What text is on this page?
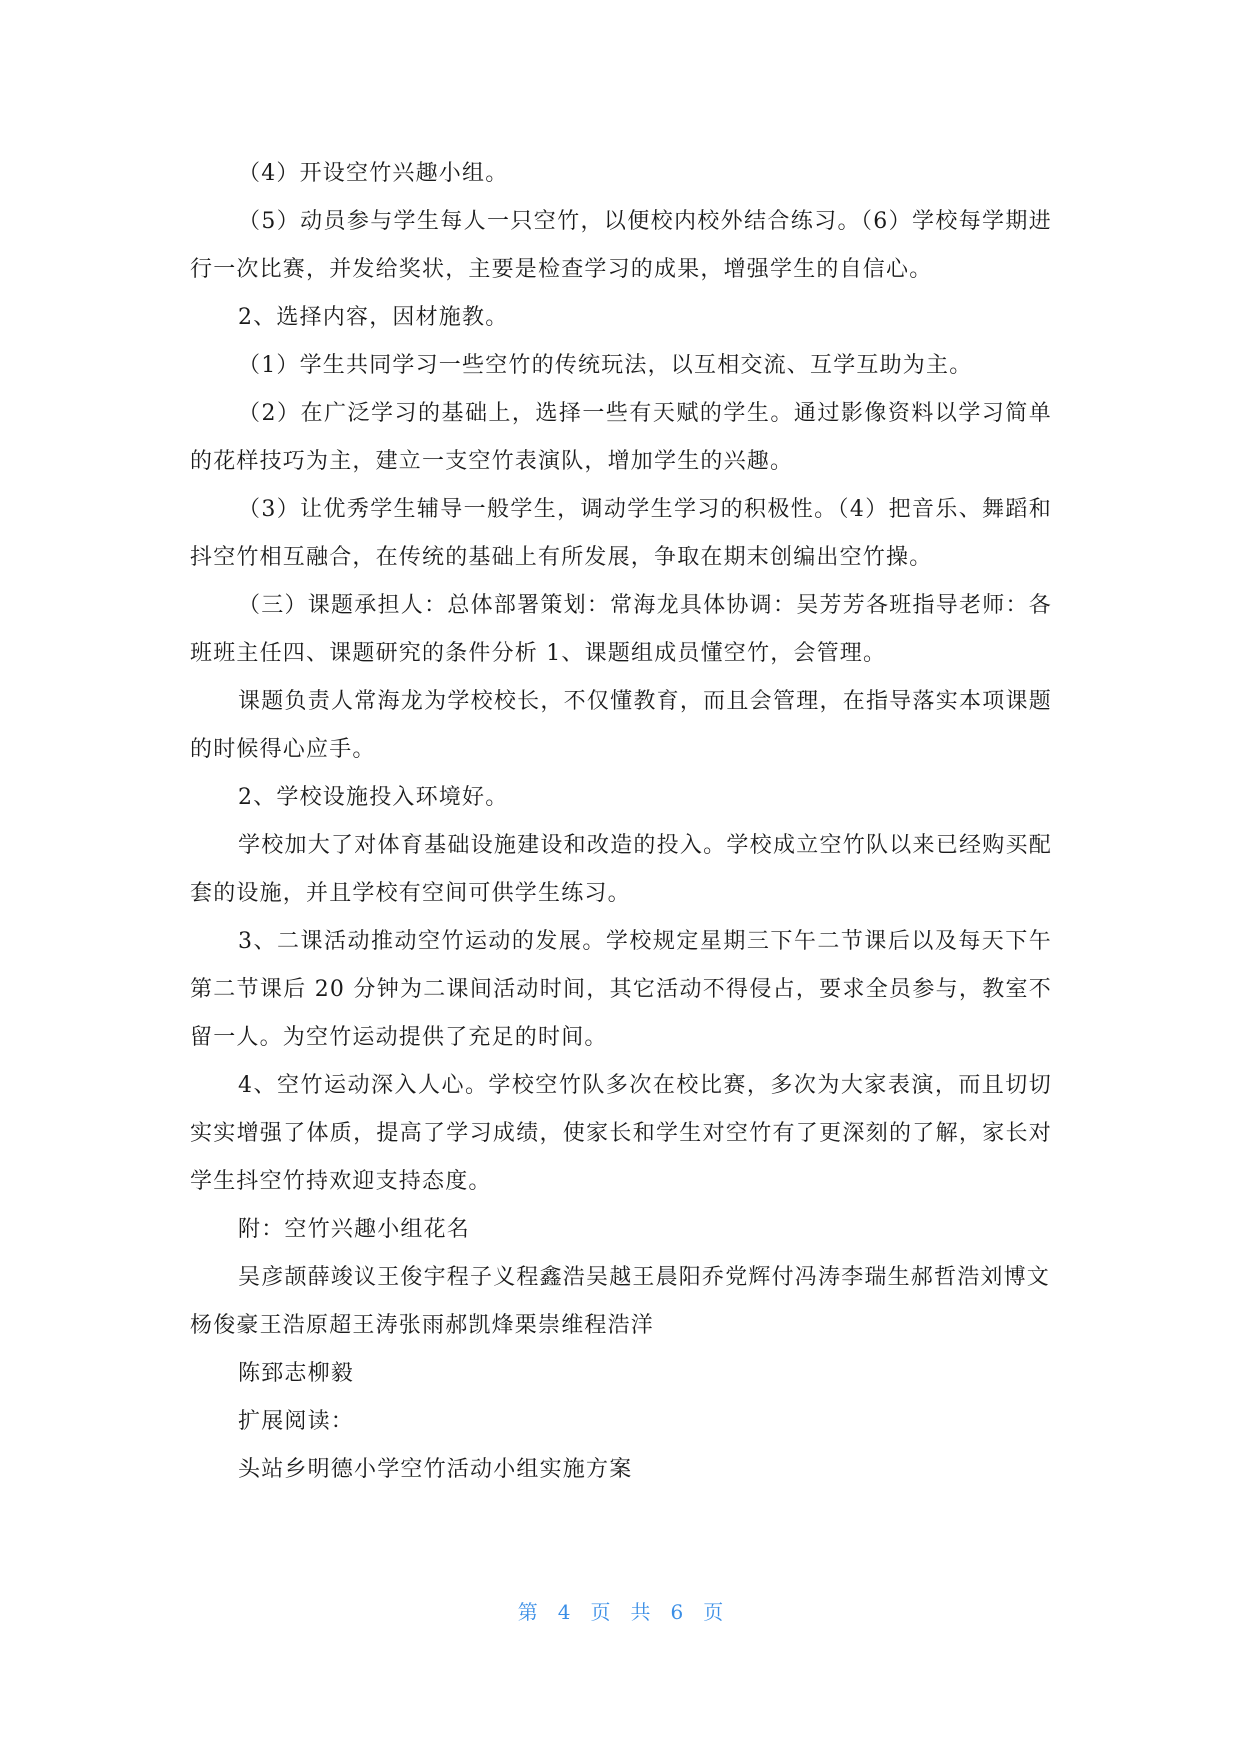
（4）开设空竹兴趣小组。

（5）动员参与学生每人一只空竹，以便校内校外结合练习。（6）学校每学期进行一次比赛，并发给奖状，主要是检查学习的成果，增强学生的自信心。

2、选择内容，因材施教。

（1）学生共同学习一些空竹的传统玩法，以互相交流、互学互助为主。

（2）在广泛学习的基础上，选择一些有天赋的学生。通过影像资料以学习简单的花样技巧为主，建立一支空竹表演队，增加学生的兴趣。

（3）让优秀学生辅导一般学生，调动学生学习的积极性。（4）把音乐、舞蹈和抖空竹相互融合，在传统的基础上有所发展，争取在期末创编出空竹操。

（三）课题承担人：总体部署策划：常海龙具体协调：吴芳芳各班指导老师：各班班主任四、课题研究的条件分析 1、课题组成员懂空竹，会管理。

课题负责人常海龙为学校校长，不仅懂教育，而且会管理，在指导落实本项课题的时候得心应手。

2、学校设施投入环境好。

学校加大了对体育基础设施建设和改造的投入。学校成立空竹队以来已经购买配套的设施，并且学校有空间可供学生练习。

3、二课活动推动空竹运动的发展。学校规定星期三下午二节课后以及每天下午第二节课后 20 分钟为二课间活动时间，其它活动不得侵占，要求全员参与，教室不留一人。为空竹运动提供了充足的时间。

4、空竹运动深入人心。学校空竹队多次在校比赛，多次为大家表演，而且切切实实增强了体质，提高了学习成绩，使家长和学生对空竹有了更深刻的了解，家长对学生抖空竹持欢迎支持态度。

附：空竹兴趣小组花名

吴彦颉薛竣议王俊宇程子义程鑫浩吴越王晨阳乔党辉付冯涛李瑞生郝哲浩刘博文杨俊豪王浩原超王涛张雨郝凯烽栗崇维程浩洋

陈郅志柳毅

扩展阅读：

头站乡明德小学空竹活动小组实施方案

第 4 页 共 6 页
